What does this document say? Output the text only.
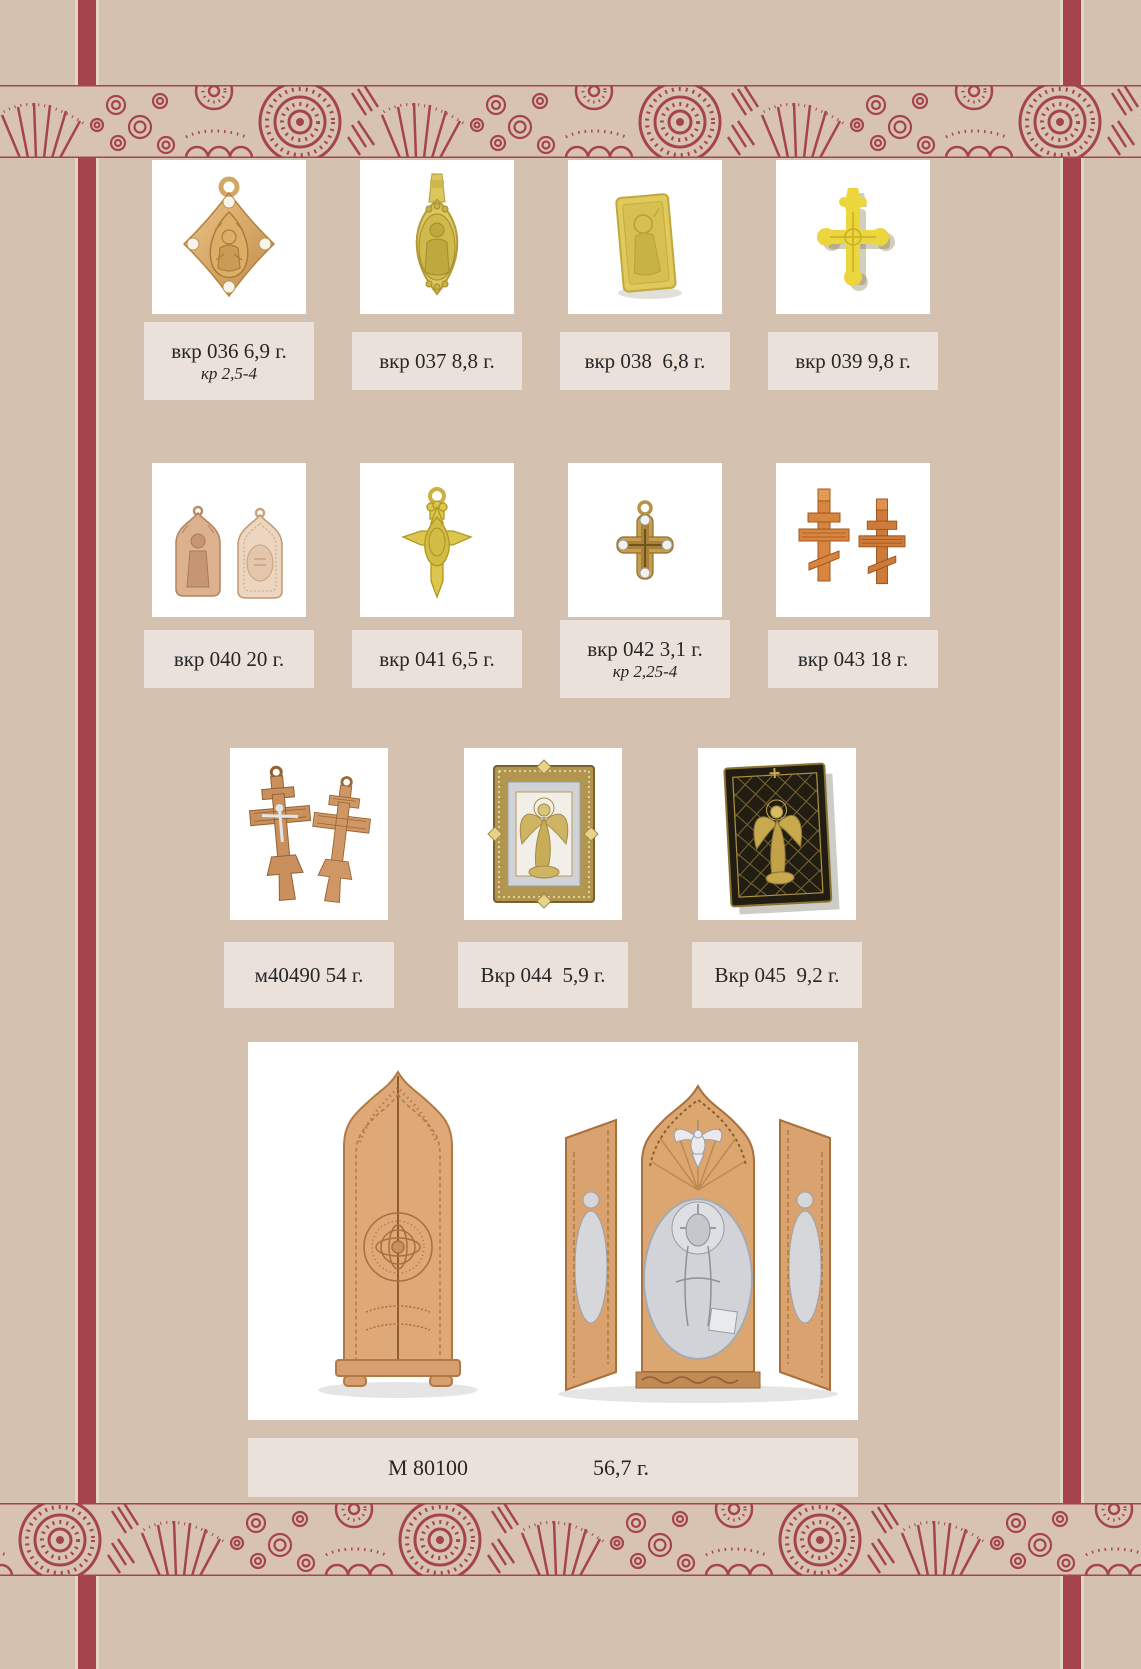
вкр 036 6,9 г.
кр 2,5-4
вкр 037 8,8 г.	вкр 038  6,8 г.	вкр 039 9,8 г.
вкр 040 20 г.	вкр 041 6,5 г.	вкр 042 3,1 г.
кр 2,25-4
вкр 043 18 г.
м40490 54 г.	Вкр 044  5,9 г.	Вкр 045  9,2 г.
М 80100	56,7 г.
